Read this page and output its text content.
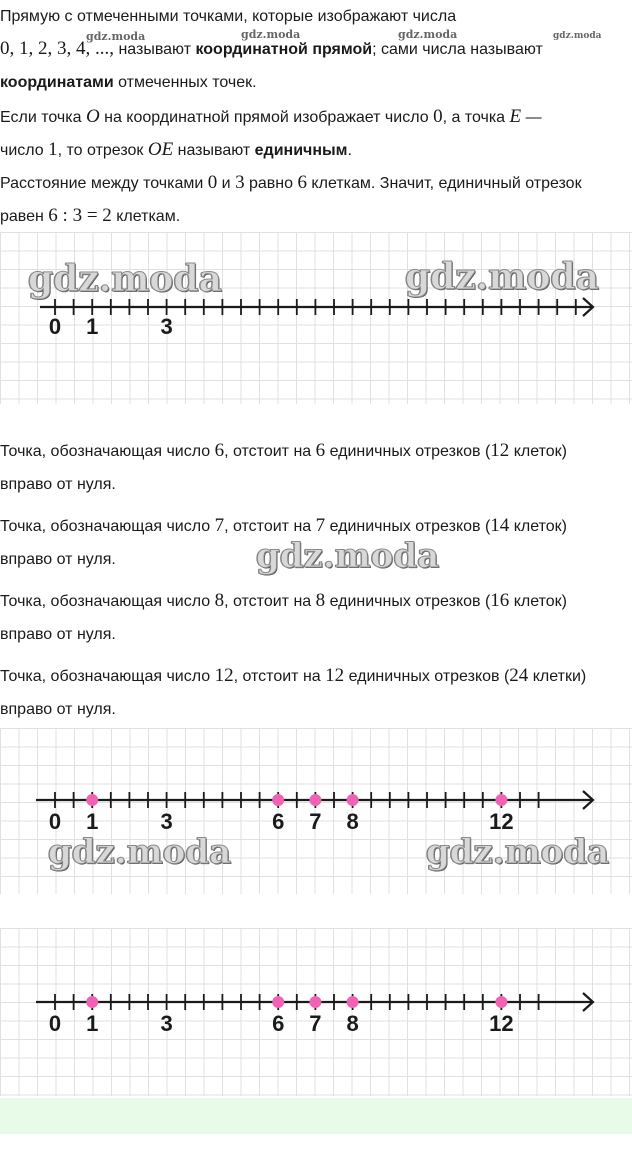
Прямую с отмеченными точками, которые изображают числа

0, 1, 2, 3, 4, ..., называют координатной прямой; сами числа называют

координатами отмеченных точек.

gdz.moda	gdz.moda	gdz.moda	gdz.moda

Если точка O на координатной прямой изображает число 0, а точка E —

число 1, то отрезок OE называют единичным.

Расстояние между точками 0 и 3 равно 6 клеткам. Значит, единичный отрезок

равен 6 : 3 = 2 клеткам.

0 1	3
gdz.moda	gdz.moda

Точка, обозначающая число 6, отстоит на 6 единичных отрезков (12 клеток)

вправо от нуля.

Точка, обозначающая число 7, отстоит на 7 единичных отрезков (14 клеток)

вправо от нуля.	gdz.moda

Точка, обозначающая число 8, отстоит на 8 единичных отрезков (16 клеток)

вправо от нуля.

Точка, обозначающая число 12, отстоит на 12 единичных отрезков (24 клетки)

вправо от нуля.

0 1	3	6 7 8	12
gdz.moda	gdz.moda
0 1	3	6 7 8	12
